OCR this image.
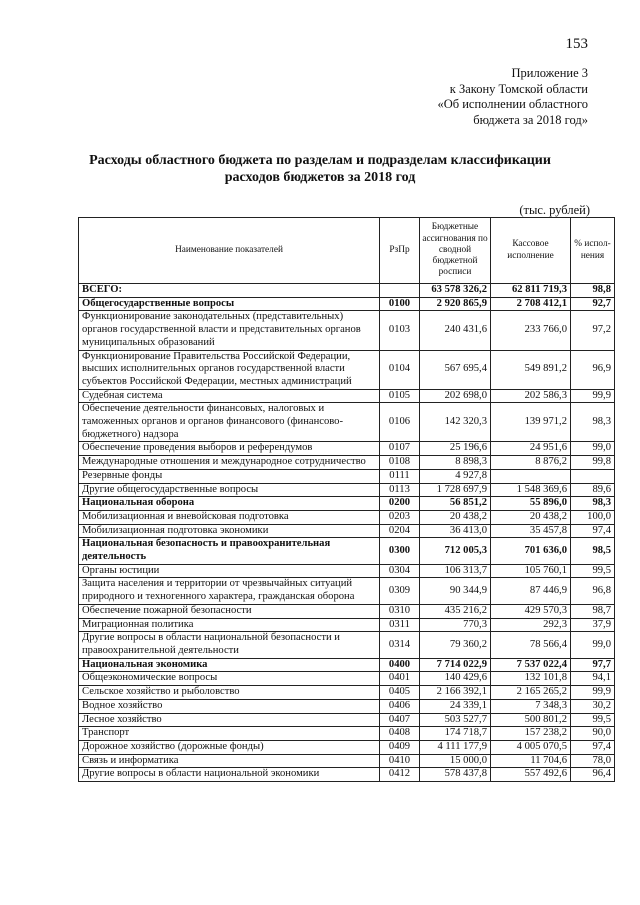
153
Приложение 3
к Закону Томской области
«Об исполнении областного
бюджета за 2018 год»
Расходы областного бюджета по разделам и подразделам классификации
расходов бюджетов за 2018 год
(тыс. рублей)
Наименование показателей	РзПр	Бюджетные ассигнования по сводной бюджетной росписи	Кассовое исполнение	% испол-нения
ВСЕГО:		63 578 326,2	62 811 719,3	98,8
Общегосударственные вопросы	0100	2 920 865,9	2 708 412,1	92,7
Функционирование законодательных (представительных) органов государственной власти и представительных органов муниципальных образований	0103	240 431,6	233 766,0	97,2
Функционирование Правительства Российской Федерации, высших исполнительных органов государственной власти субъектов Российской Федерации, местных администраций	0104	567 695,4	549 891,2	96,9
Судебная система	0105	202 698,0	202 586,3	99,9
Обеспечение деятельности финансовых, налоговых и таможенных органов и органов финансового (финансово-бюджетного) надзора	0106	142 320,3	139 971,2	98,3
Обеспечение проведения выборов и референдумов	0107	25 196,6	24 951,6	99,0
Международные отношения и международное сотрудничество	0108	8 898,3	8 876,2	99,8
Резервные фонды	0111	4 927,8		
Другие общегосударственные вопросы	0113	1 728 697,9	1 548 369,6	89,6
Национальная оборона	0200	56 851,2	55 896,0	98,3
Мобилизационная и вневойсковая подготовка	0203	20 438,2	20 438,2	100,0
Мобилизационная подготовка экономики	0204	36 413,0	35 457,8	97,4
Национальная безопасность и правоохранительная деятельность	0300	712 005,3	701 636,0	98,5
Органы юстиции	0304	106 313,7	105 760,1	99,5
Защита населения и территории от чрезвычайных ситуаций природного и техногенного характера, гражданская оборона	0309	90 344,9	87 446,9	96,8
Обеспечение пожарной безопасности	0310	435 216,2	429 570,3	98,7
Миграционная политика	0311	770,3	292,3	37,9
Другие вопросы в области национальной безопасности и правоохранительной деятельности	0314	79 360,2	78 566,4	99,0
Национальная экономика	0400	7 714 022,9	7 537 022,4	97,7
Общеэкономические вопросы	0401	140 429,6	132 101,8	94,1
Сельское хозяйство и рыболовство	0405	2 166 392,1	2 165 265,2	99,9
Водное хозяйство	0406	24 339,1	7 348,3	30,2
Лесное хозяйство	0407	503 527,7	500 801,2	99,5
Транспорт	0408	174 718,7	157 238,2	90,0
Дорожное хозяйство (дорожные фонды)	0409	4 111 177,9	4 005 070,5	97,4
Связь и информатика	0410	15 000,0	11 704,6	78,0
Другие вопросы в области национальной экономики	0412	578 437,8	557 492,6	96,4
